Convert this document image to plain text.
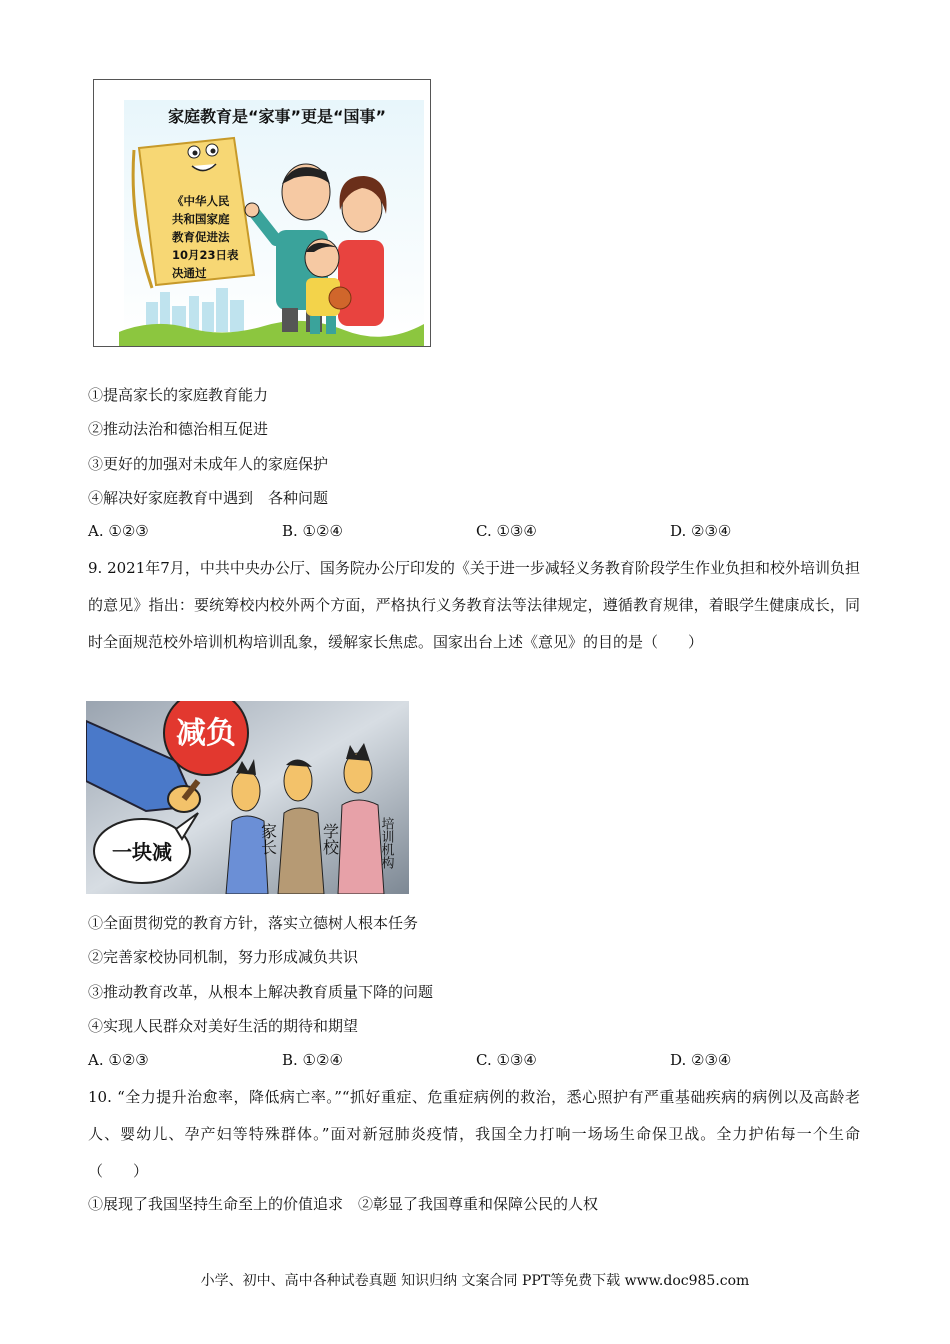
家庭教育是“家事”更是“国事”
《中华人民
共和国家庭
教育促进法
10月23日表
决通过
①提高家长的家庭教育能力
②推动法治和德治相互促进
③更好的加强对未成年人的家庭保护
④解决好家庭教育中遇到　各种问题
A. ①②③	B. ①②④	C. ①③④	D. ②③④
9. 2021年7月，中共中央办公厅、国务院办公厅印发的《关于进一步减轻义务教育阶段学生作业负担和校外培训负担的意见》指出：要统筹校内校外两个方面，严格执行义务教育法等法律规定，遵循教育规律，着眼学生健康成长，同时全面规范校外培训机构培训乱象，缓解家长焦虑。国家出台上述《意见》的目的是（　　）
减负
一块减	家长	学校	培训机构
①全面贯彻党的教育方针，落实立德树人根本任务
②完善家校协同机制，努力形成减负共识
③推动教育改革，从根本上解决教育质量下降的问题
④实现人民群众对美好生活的期待和期望
A. ①②③	B. ①②④	C. ①③④	D. ②③④
10. “全力提升治愈率，降低病亡率。”“抓好重症、危重症病例的救治，悉心照护有严重基础疾病的病例以及高龄老人、婴幼儿、孕产妇等特殊群体。”面对新冠肺炎疫情，我国全力打响一场场生命保卫战。全力护佑每一个生命（　　）
①展现了我国坚持生命至上的价值追求　②彰显了我国尊重和保障公民的人权
小学、初中、高中各种试卷真题 知识归纳 文案合同 PPT等免费下载 www.doc985.com
